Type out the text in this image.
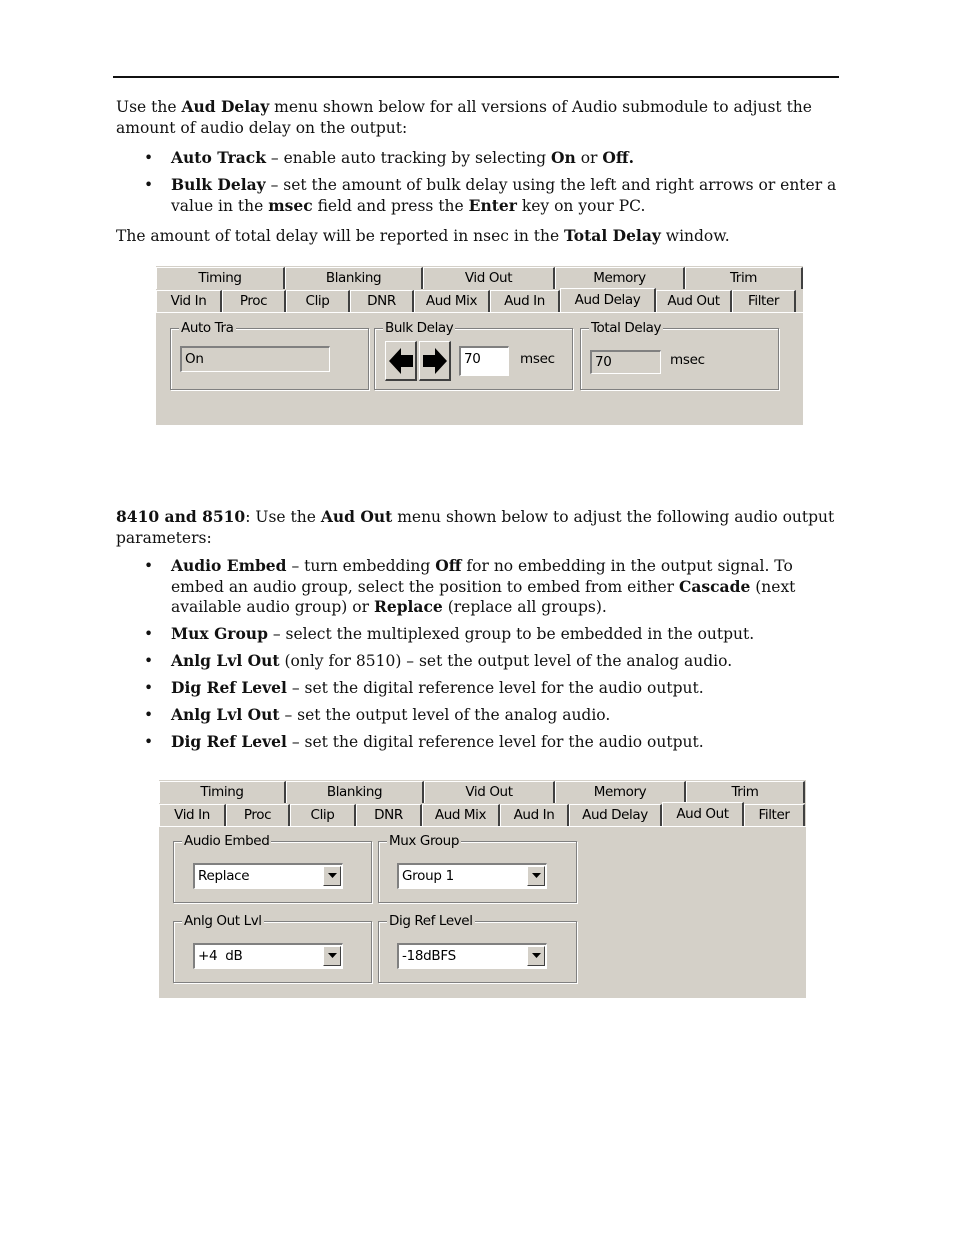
Use the Aud Delay menu shown below for all versions of Audio submodule to adjust the amount of audio delay on the output:

• Auto Track – enable auto tracking by selecting On or Off.
• Bulk Delay – set the amount of bulk delay using the left and right arrows or enter a value in the msec field and press the Enter key on your PC.

The amount of total delay will be reported in nsec in the Total Delay window.

Timing	Blanking	Vid Out	Memory	Trim
Vid In	Proc	Clip	DNR	Aud Mix	Aud In	Aud Delay	Aud Out	Filter
Auto Tra
On
Bulk Delay
70	msec
Total Delay
70	msec

8410 and 8510: Use the Aud Out menu shown below to adjust the following audio output parameters:

• Audio Embed – turn embedding Off for no embedding in the output signal. To embed an audio group, select the position to embed from either Cascade (next available audio group) or Replace (replace all groups).
• Mux Group – select the multiplexed group to be embedded in the output.
• Anlg Lvl Out (only for 8510) – set the output level of the analog audio.
• Dig Ref Level – set the digital reference level for the audio output.
• Anlg Lvl Out – set the output level of the analog audio.
• Dig Ref Level – set the digital reference level for the audio output.
Timing	Blanking	Vid Out	Memory	Trim
Vid In	Proc	Clip	DNR	Aud Mix	Aud In	Aud Delay	Aud Out	Filter
Audio Embed
Replace
Mux Group
Group 1
Anlg Out Lvl
+4  dB
Dig Ref Level
-18dBFS
